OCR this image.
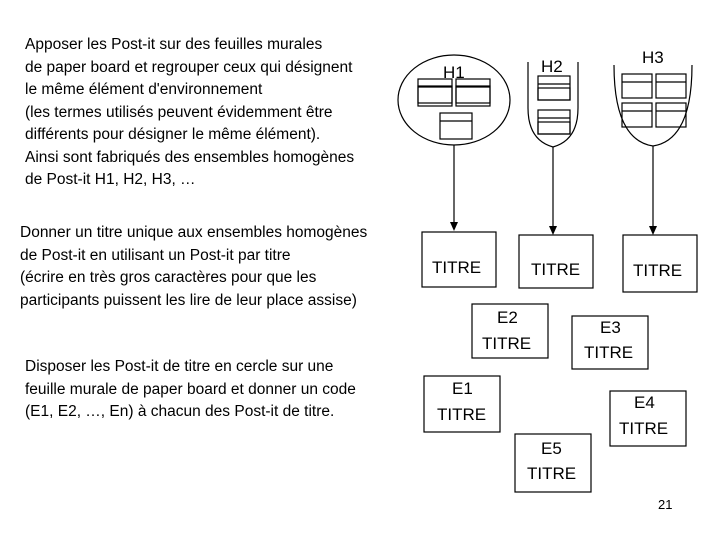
Apposer les Post-it sur des feuilles murales
de paper board et regrouper ceux qui désignent
le même élément d'environnement
(les termes utilisés peuvent évidemment être
différents pour désigner le même élément).
Ainsi sont fabriqués des ensembles homogènes
de Post-it H1, H2, H3, …
Donner un titre unique aux ensembles homogènes
de Post-it en utilisant un Post-it par titre
(écrire en très gros caractères pour que les
participants puissent les lire de leur place assise)
Disposer les Post-it de titre en cercle sur une
feuille murale de paper board et donner un code
(E1, E2, …, En) à chacun des Post-it de titre.
H1	H2	H3
TITRE	TITRE	TITRE
E2
TITRE
E3
TITRE
E1
TITRE
E4
TITRE
E5
TITRE
21
